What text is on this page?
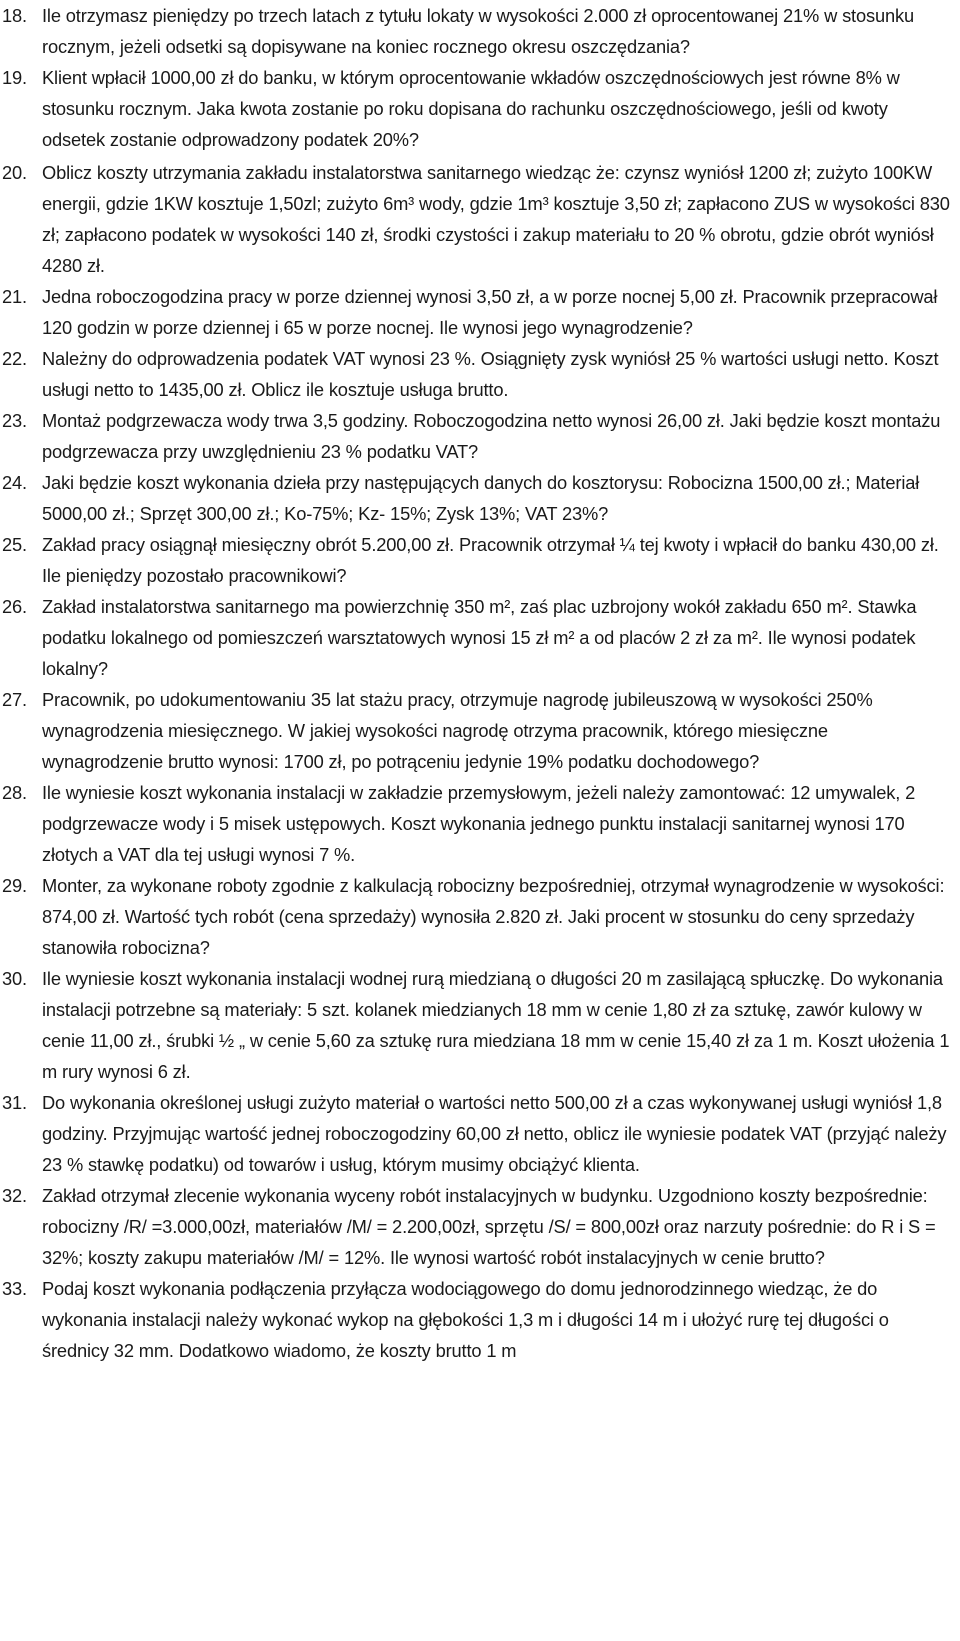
18. Ile otrzymasz pieniędzy po trzech latach z tytułu lokaty w wysokości 2.000 zł oprocentowanej 21% w stosunku rocznym, jeżeli odsetki są dopisywane na koniec rocznego okresu oszczędzania?
19. Klient wpłacił 1000,00 zł do banku, w którym oprocentowanie wkładów oszczędnościowych jest równe 8% w stosunku rocznym. Jaka kwota zostanie po roku dopisana do rachunku oszczędnościowego, jeśli od kwoty odsetek zostanie odprowadzony podatek 20%?
20. Oblicz koszty utrzymania zakładu instalatorstwa sanitarnego wiedząc że: czynsz wyniósł 1200 zł; zużyto 100KW energii, gdzie 1KW kosztuje 1,50zl; zużyto 6m³ wody, gdzie 1m³ kosztuje 3,50 zł; zapłacono ZUS w wysokości 830 zł; zapłacono podatek w wysokości 140 zł, środki czystości i zakup materiału to 20 % obrotu, gdzie obrót wyniósł 4280 zł.
21. Jedna roboczogodzina pracy w porze dziennej wynosi 3,50 zł, a w porze nocnej 5,00 zł. Pracownik przepracował 120 godzin w porze dziennej i 65 w porze nocnej. Ile wynosi jego wynagrodzenie?
22. Należny do odprowadzenia podatek VAT wynosi 23 %. Osiągnięty zysk wyniósł 25 % wartości usługi netto. Koszt usługi netto to 1435,00 zł. Oblicz ile kosztuje usługa brutto.
23. Montaż podgrzewacza wody trwa 3,5 godziny. Roboczogodzina netto wynosi 26,00 zł. Jaki będzie koszt montażu podgrzewacza przy uwzględnieniu 23 % podatku VAT?
24. Jaki będzie koszt wykonania dzieła przy następujących danych do kosztorysu: Robocizna 1500,00 zł.; Materiał 5000,00 zł.; Sprzęt 300,00 zł.; Ko-75%; Kz- 15%; Zysk 13%; VAT 23%?
25. Zakład pracy osiągnął miesięczny obrót 5.200,00 zł. Pracownik otrzymał ¼ tej kwoty i wpłacił do banku 430,00 zł. Ile pieniędzy pozostało pracownikowi?
26. Zakład instalatorstwa sanitarnego ma powierzchnię 350 m², zaś plac uzbrojony wokół zakładu 650 m². Stawka podatku lokalnego od pomieszczeń warsztatowych wynosi 15 zł m² a od placów 2 zł za m². Ile wynosi podatek lokalny?
27. Pracownik, po udokumentowaniu 35 lat stażu pracy, otrzymuje nagrodę jubileuszową w wysokości 250% wynagrodzenia miesięcznego. W jakiej wysokości nagrodę otrzyma pracownik, którego miesięczne wynagrodzenie brutto wynosi: 1700 zł, po potrąceniu jedynie 19% podatku dochodowego?
28. Ile wyniesie koszt wykonania instalacji w zakładzie przemysłowym, jeżeli należy zamontować: 12 umywalek, 2 podgrzewacze wody i 5 misek ustępowych. Koszt wykonania jednego punktu instalacji sanitarnej wynosi 170 złotych a VAT dla tej usługi wynosi 7 %.
29. Monter, za wykonane roboty zgodnie z kalkulacją robocizny bezpośredniej, otrzymał wynagrodzenie w wysokości: 874,00 zł. Wartość tych robót (cena sprzedaży) wynosiła 2.820 zł. Jaki procent w stosunku do ceny sprzedaży stanowiła robocizna?
30. Ile wyniesie koszt wykonania instalacji wodnej rurą miedzianą o długości 20 m zasilającą spłuczkę. Do wykonania instalacji potrzebne są materiały: 5 szt. kolanek miedzianych 18 mm w cenie 1,80 zł za sztukę, zawór kulowy w cenie 11,00 zł., śrubki ½ „ w cenie 5,60 za sztukę rura miedziana 18 mm w cenie 15,40 zł za 1 m. Koszt ułożenia 1 m rury wynosi 6 zł.
31. Do wykonania określonej usługi zużyto materiał o wartości netto 500,00 zł a czas wykonywanej usługi wyniósł 1,8 godziny. Przyjmując wartość jednej roboczogodziny 60,00 zł netto, oblicz ile wyniesie podatek VAT (przyjąć należy 23 % stawkę podatku) od towarów i usług, którym musimy obciążyć klienta.
32. Zakład otrzymał zlecenie wykonania wyceny robót instalacyjnych w budynku. Uzgodniono koszty bezpośrednie: robocizny /R/ =3.000,00zł, materiałów /M/ = 2.200,00zł, sprzętu /S/ = 800,00zł oraz narzuty pośrednie: do R i S = 32%; koszty zakupu materiałów /M/ = 12%. Ile wynosi wartość robót instalacyjnych w cenie brutto?
33. Podaj koszt wykonania podłączenia przyłącza wodociągowego do domu jednorodzinnego wiedząc, że do wykonania instalacji należy wykonać wykop na głębokości 1,3 m i długości 14 m i ułożyć rurę tej długości o średnicy 32 mm. Dodatkowo wiadomo, że koszty brutto 1 m
